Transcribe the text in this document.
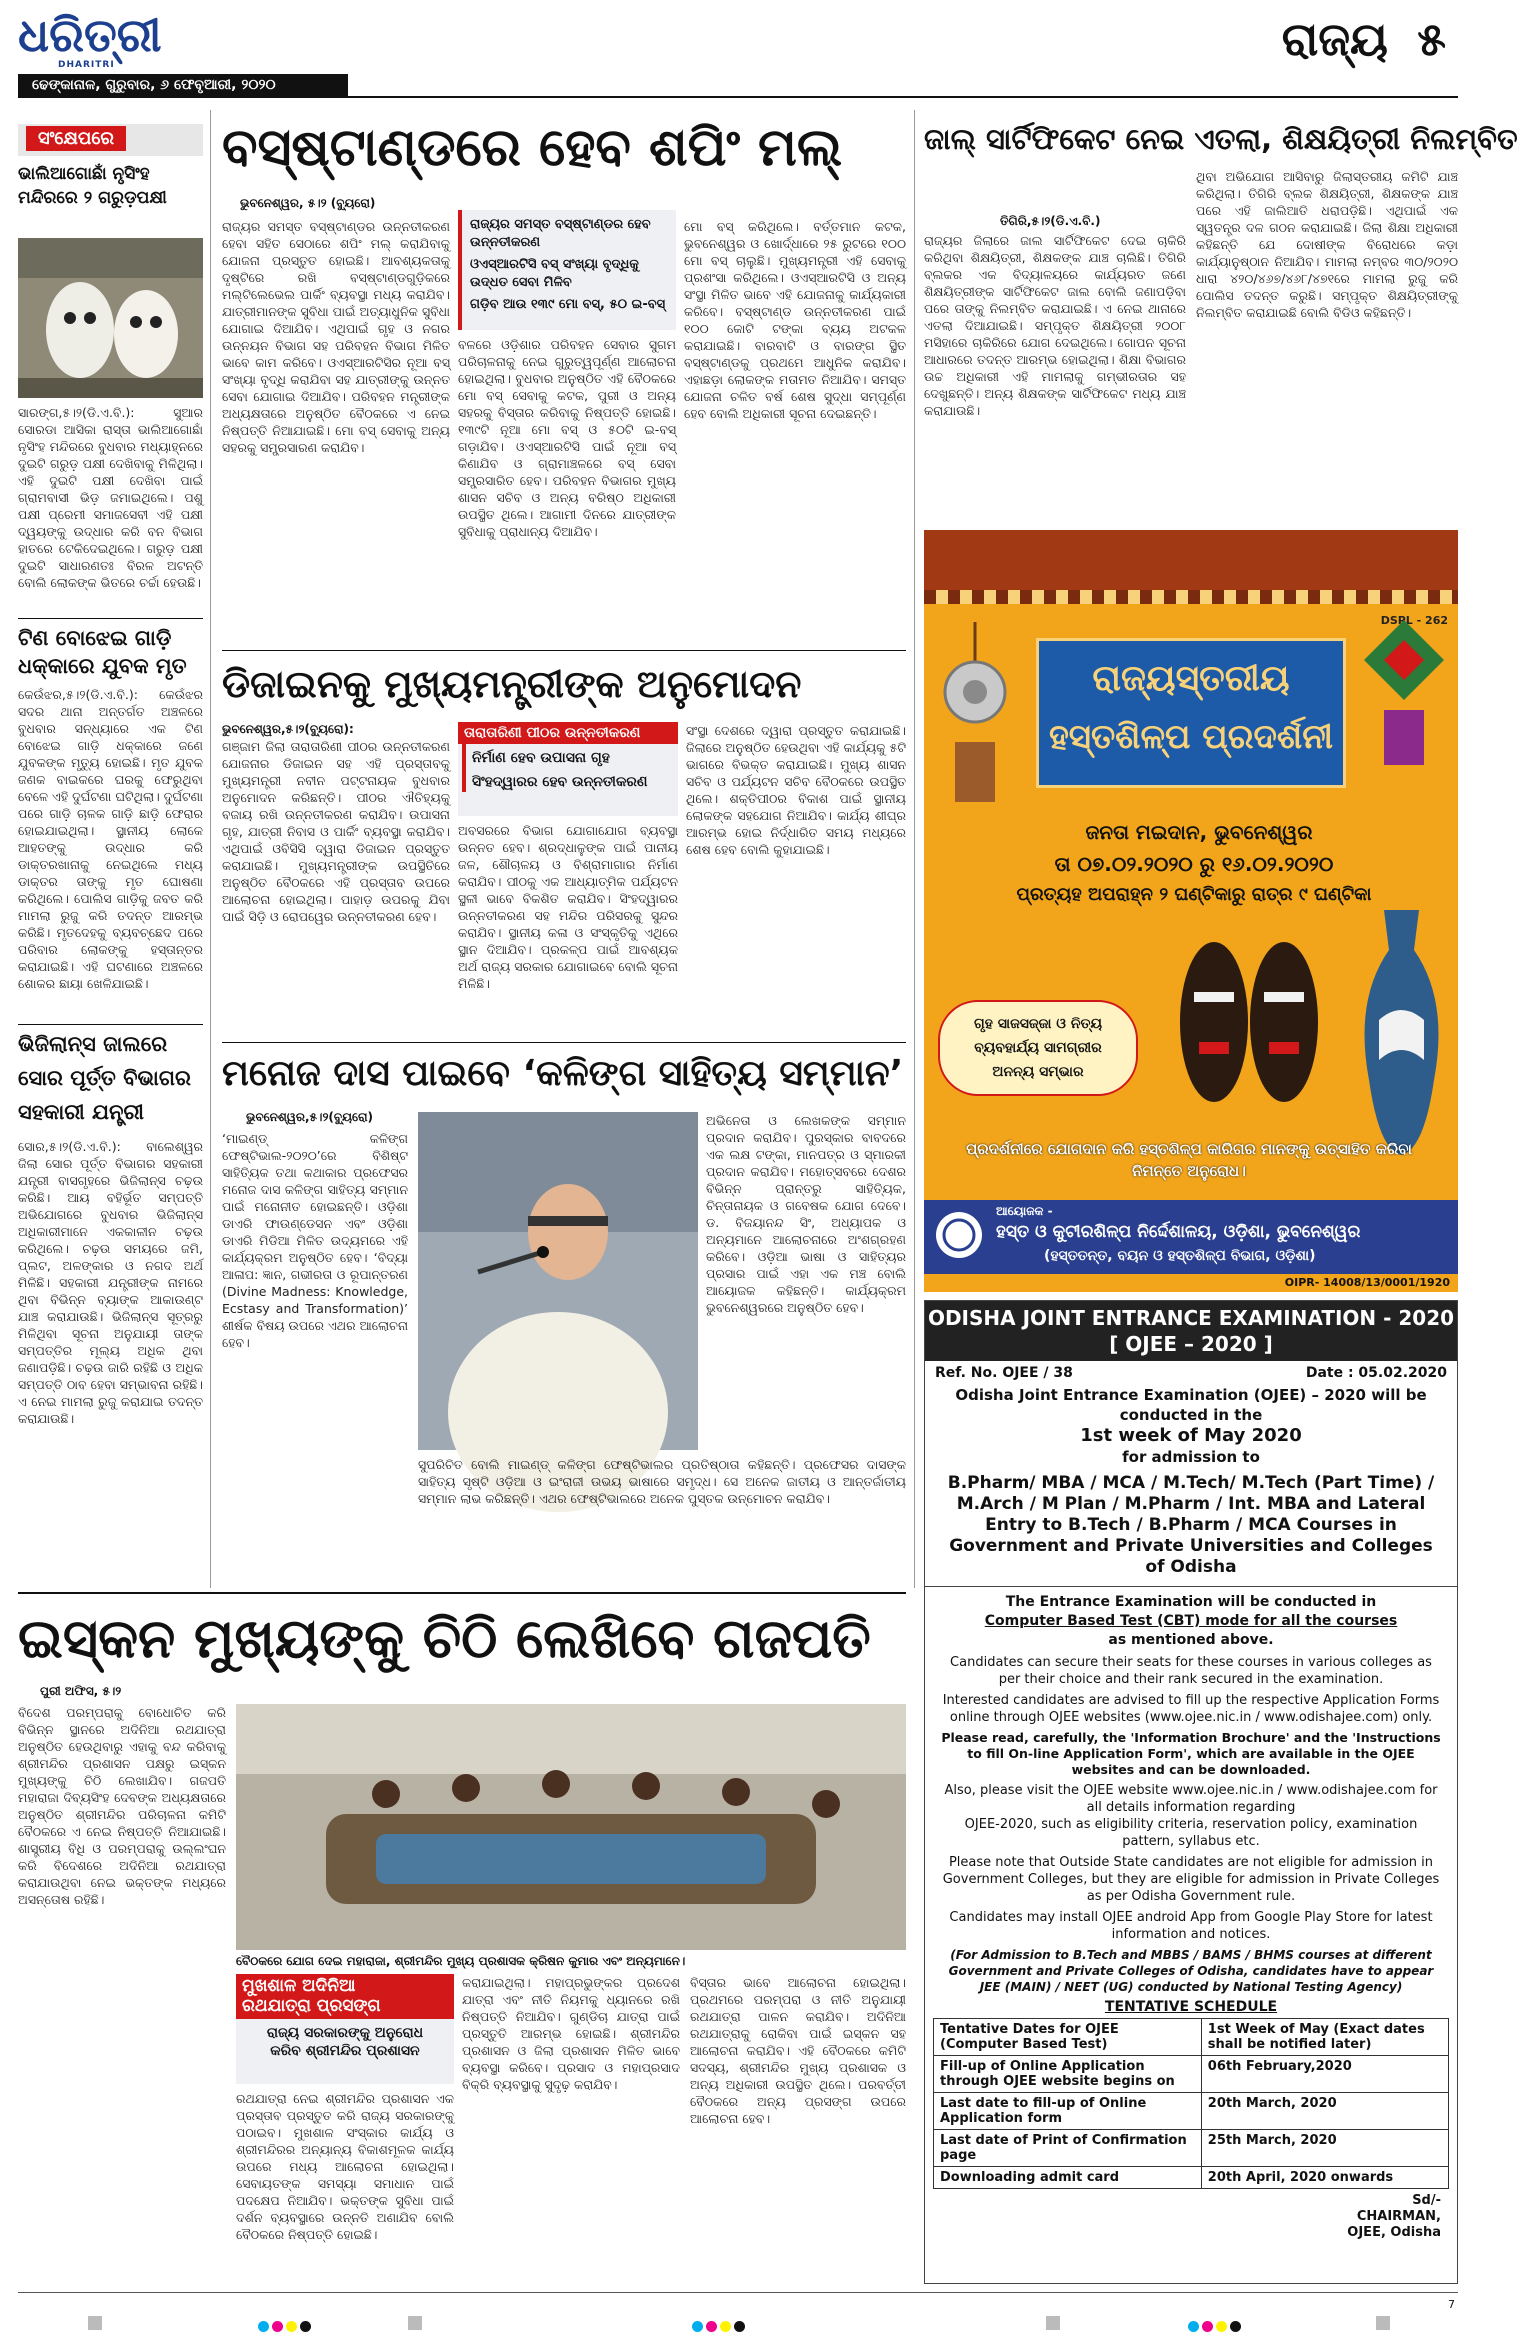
ଧରିତ୍ରୀ
DHARITRI
ଢେଙ୍କାନାଳ, ଗୁରୁବାର, ୬ ଫେବୃଆରୀ, ୨୦୨୦
ରାଜ୍ୟ ୫
ସଂକ୍ଷେପରେ
ଭାଲିଆଗୋଛାଁ ନୃସିଂହ ମନ୍ଦିରରେ ୨ ଗରୁଡ଼ପକ୍ଷୀ
ସାରଙ୍ଗ,୫।୨(ଡି.ଏ.ବି.): ସୁଆର ସୋରଡା ଆସିକା ରାସ୍ତା ଭାଲିଆଗୋଛାଁ ନୃସିଂହ ମନ୍ଦିରରେ ବୁଧବାର ମଧ୍ୟାହ୍ନରେ ଦୁଇଟି ଗରୁଡ଼ ପକ୍ଷୀ ଦେଖିବାକୁ ମିଳିଥିଲା। ଏହି ଦୁଇଟି ପକ୍ଷୀ ଦେଖିବା ପାଇଁ ଗ୍ରାମବାସୀ ଭିଡ଼ ଜମାଇଥିଲେ। ପଶୁ ପକ୍ଷୀ ପ୍ରେମୀ ସମାଜସେବୀ ଏହି ପକ୍ଷୀ ଦ୍ୱୟଙ୍କୁ ଉଦ୍ଧାର କରି ବନ ବିଭାଗ ହାତରେ ଟେକିଦେଇଥିଲେ। ଗରୁଡ଼ ପକ୍ଷୀ ଦୁଇଟି ସାଧାରଣତଃ ବିରଳ ଅଟନ୍ତି ବୋଲି ଲୋକଙ୍କ ଭିତରେ ଚର୍ଚ୍ଚା ହେଉଛି।
ଟିଣ ବୋଝେଇ ଗାଡ଼ି ଧକ୍କାରେ ଯୁବକ ମୃତ
କେଉଁଝର,୫।୨(ଡି.ଏ.ବି.): କେଉଁଝର ସଦର ଥାନା ଅନ୍ତର୍ଗତ ଅଞ୍ଚଳରେ ବୁଧବାର ସନ୍ଧ୍ୟାରେ ଏକ ଟିଣ ବୋଝେଇ ଗାଡ଼ି ଧକ୍କାରେ ଜଣେ ଯୁବକଙ୍କ ମୃତ୍ୟୁ ହୋଇଛି। ମୃତ ଯୁବକ ଜଣକ ବାଇକରେ ଘରକୁ ଫେରୁଥିବା ବେଳେ ଏହି ଦୁର୍ଘଟଣା ଘଟିଥିଲା। ଦୁର୍ଘଟଣା ପରେ ଗାଡ଼ି ଚାଳକ ଗାଡ଼ି ଛାଡ଼ି ଫେରାର ହୋଇଯାଇଥିଲା। ସ୍ଥାନୀୟ ଲୋକେ ଆହତଙ୍କୁ ଉଦ୍ଧାର କରି ଡାକ୍ତରଖାନାକୁ ନେଇଥିଲେ ମଧ୍ୟ ଡାକ୍ତର ତାଙ୍କୁ ମୃତ ଘୋଷଣା କରିଥିଲେ। ପୋଲିସ ଗାଡ଼ିକୁ ଜବତ କରି ମାମଲା ରୁଜୁ କରି ତଦନ୍ତ ଆରମ୍ଭ କରିଛି। ମୃତଦେହକୁ ବ୍ୟବଚ୍ଛେଦ ପରେ ପରିବାର ଲୋକଙ୍କୁ ହସ୍ତାନ୍ତର କରାଯାଇଛି। ଏହି ଘଟଣାରେ ଅଞ୍ଚଳରେ ଶୋକର ଛାୟା ଖେଳିଯାଇଛି।
ଭିଜିଲାନ୍ସ ଜାଲରେ
ସୋର ପୂର୍ତ୍ତ ବିଭାଗର
ସହକାରୀ ଯନ୍ତ୍ରୀ
ସୋର,୫।୨(ଡି.ଏ.ବି.): ବାଲେଶ୍ୱର ଜିଲା ସୋର ପୂର୍ତ୍ତ ବିଭାଗର ସହକାରୀ ଯନ୍ତ୍ରୀ ବାସଗୃହରେ ଭିଜିଲାନ୍ସ ଚଢ଼ଉ କରିଛି। ଆୟ ବହିର୍ଭୂତ ସମ୍ପତ୍ତି ଅଭିଯୋଗରେ ବୁଧବାର ଭିଜିଲାନ୍ସ ଅଧିକାରୀମାନେ ଏକକାଳୀନ ଚଢ଼ଉ କରିଥିଲେ। ଚଢ଼ଉ ସମୟରେ ଜମି, ପ୍ଲଟ, ଅଳଙ୍କାର ଓ ନଗଦ ଅର୍ଥ ମିଳିଛି। ସହକାରୀ ଯନ୍ତ୍ରୀଙ୍କ ନାମରେ ଥିବା ବିଭିନ୍ନ ବ୍ୟାଙ୍କ ଆକାଉଣ୍ଟ ଯାଞ୍ଚ କରାଯାଉଛି। ଭିଜିଲାନ୍ସ ସୂତ୍ରରୁ ମିଳିଥିବା ସୂଚନା ଅନୁଯାୟୀ ତାଙ୍କ ସମ୍ପତ୍ତିର ମୂଲ୍ୟ ଅଧିକ ଥିବା ଜଣାପଡ଼ିଛି। ଚଢ଼ଉ ଜାରି ରହିଛି ଓ ଅଧିକ ସମ୍ପତ୍ତି ଠାବ ହେବା ସମ୍ଭାବନା ରହିଛି। ଏ ନେଇ ମାମଲା ରୁଜୁ କରାଯାଇ ତଦନ୍ତ କରାଯାଉଛି।
ବସ୍‌ଷ୍ଟାଣ୍ଡରେ ହେବ ଶପିଂ ମଲ୍
ଭୁବନେଶ୍ୱର, ୫।୨ (ବ୍ୟୁରୋ)
ରାଜ୍ୟର ସମସ୍ତ ବସ୍‌ଷ୍ଟାଣ୍ଡର ହେବ ଉନ୍ନତୀକରଣ
ଓଏସ୍‌ଆରଟିସି ବସ୍ ସଂଖ୍ୟା ବୃଦ୍ଧିକୁ ଉଦ୍ଧତ ସେବା ମିଳିବ
ଗଡ଼ିବ ଆଉ ୧୩୯ ମୋ ବସ୍, ୫୦ ଇ-ବସ୍
ରାଜ୍ୟର ସମସ୍ତ ବସ୍‌ଷ୍ଟାଣ୍ଡର ଉନ୍ନତୀକରଣ ହେବା ସହିତ ସେଠାରେ ଶପିଂ ମଲ୍ କରାଯିବାକୁ ଯୋଜନା ପ୍ରସ୍ତୁତ ହୋଇଛି। ଆବଶ୍ୟକତାକୁ ଦୃଷ୍ଟିରେ ରଖି ବସ୍‌ଷ୍ଟାଣ୍ଡଗୁଡ଼ିକରେ ମଲ୍ଟିଲେଭେଲ ପାର୍କିଂ ବ୍ୟବସ୍ଥା ମଧ୍ୟ କରାଯିବ। ଯାତ୍ରୀମାନଙ୍କ ସୁବିଧା ପାଇଁ ଅତ୍ୟାଧୁନିକ ସୁବିଧା ଯୋଗାଇ ଦିଆଯିବ। ଏଥିପାଇଁ ଗୃହ ଓ ନଗର ଉନ୍ନୟନ ବିଭାଗ ସହ ପରିବହନ ବିଭାଗ ମିଳିତ ଭାବେ କାମ କରିବେ। ଓଏସ୍‌ଆରଟିସିର ନୂଆ ବସ୍ ସଂଖ୍ୟା ବୃଦ୍ଧି କରାଯିବା ସହ ଯାତ୍ରୀଙ୍କୁ ଉନ୍ନତ ସେବା ଯୋଗାଇ ଦିଆଯିବ। ପରିବହନ ମନ୍ତ୍ରୀଙ୍କ ଅଧ୍ୟକ୍ଷତାରେ ଅନୁଷ୍ଠିତ ବୈଠକରେ ଏ ନେଇ ନିଷ୍ପତ୍ତି ନିଆଯାଇଛି। ମୋ ବସ୍ ସେବାକୁ ଅନ୍ୟ ସହରକୁ ସମ୍ପ୍ରସାରଣ କରାଯିବ।
ବଳରେ ଓଡ଼ିଶାର ପରିବହନ ସେବାର ସୁଗମ ପରିଚାଳନାକୁ ନେଇ ଗୁରୁତ୍ୱପୂର୍ଣ୍ଣ ଆଲୋଚନା ହୋଇଥିଲା। ବୁଧବାର ଅନୁଷ୍ଠିତ ଏହି ବୈଠକରେ ମୋ ବସ୍ ସେବାକୁ କଟକ, ପୁରୀ ଓ ଅନ୍ୟ ସହରକୁ ବିସ୍ତାର କରିବାକୁ ନିଷ୍ପତ୍ତି ହୋଇଛି। ୧୩୯ଟି ନୂଆ ମୋ ବସ୍ ଓ ୫୦ଟି ଇ-ବସ୍ ଗଡ଼ାଯିବ। ଓଏସ୍‌ଆରଟିସି ପାଇଁ ନୂଆ ବସ୍ କିଣାଯିବ ଓ ଗ୍ରାମାଞ୍ଚଳରେ ବସ୍ ସେବା ସମ୍ପ୍ରସାରିତ ହେବ। ପରିବହନ ବିଭାଗର ମୁଖ୍ୟ ଶାସନ ସଚିବ ଓ ଅନ୍ୟ ବରିଷ୍ଠ ଅଧିକାରୀ ଉପସ୍ଥିତ ଥିଲେ। ଆଗାମୀ ଦିନରେ ଯାତ୍ରୀଙ୍କ ସୁବିଧାକୁ ପ୍ରାଧାନ୍ୟ ଦିଆଯିବ।
ମୋ ବସ୍ କରିଥିଲେ। ବର୍ତ୍ତମାନ କଟକ, ଭୁବନେଶ୍ୱର ଓ ଖୋର୍ଦ୍ଧାରେ ୨୫ ରୁଟରେ ୧୦୦ ମୋ ବସ୍ ଚାଲୁଛି। ମୁଖ୍ୟମନ୍ତ୍ରୀ ଏହି ସେବାକୁ ପ୍ରଶଂସା କରିଥିଲେ। ଓଏସ୍‌ଆରଟିସି ଓ ଅନ୍ୟ ସଂସ୍ଥା ମିଳିତ ଭାବେ ଏହି ଯୋଜନାକୁ କାର୍ଯ୍ୟକାରୀ କରିବେ। ବସ୍‌ଷ୍ଟାଣ୍ଡ ଉନ୍ନତୀକରଣ ପାଇଁ ୧୦୦ କୋଟି ଟଙ୍କା ବ୍ୟୟ ଅଟକଳ କରାଯାଇଛି। ବାରବାଟି ଓ ବାରଙ୍ଗ ସ୍ଥିତ ବସ୍‌ଷ୍ଟାଣ୍ଡକୁ ପ୍ରଥମେ ଆଧୁନିକ କରାଯିବ। ଏହାଛଡ଼ା ଲୋକଙ୍କ ମତାମତ ନିଆଯିବ। ସମସ୍ତ ଯୋଜନା ଚଳିତ ବର୍ଷ ଶେଷ ସୁଦ୍ଧା ସମ୍ପୂର୍ଣ୍ଣ ହେବ ବୋଲି ଅଧିକାରୀ ସୂଚନା ଦେଇଛନ୍ତି।
ଜାଲ୍ ସାର୍ଟିଫିକେଟ ନେଇ ଏତଲା, ଶିକ୍ଷୟିତ୍ରୀ ନିଲମ୍ବିତ
ତିଗିରି,୫।୨(ଡି.ଏ.ବି.)
ରାଜ୍ୟର ଜିଲାରେ ଜାଲ ସାର୍ଟିଫିକେଟ ଦେଇ ଚାକିରି କରିଥିବା ଶିକ୍ଷୟିତ୍ରୀ, ଶିକ୍ଷକଙ୍କ ଯାଞ୍ଚ ଚାଲିଛି। ତିଗିରି ବ୍ଲକର ଏକ ବିଦ୍ୟାଳୟରେ କାର୍ଯ୍ୟରତ ଜଣେ ଶିକ୍ଷୟିତ୍ରୀଙ୍କ ସାର୍ଟିଫିକେଟ ଜାଲ ବୋଲି ଜଣାପଡ଼ିବା ପରେ ତାଙ୍କୁ ନିଲମ୍ବିତ କରାଯାଇଛି। ଏ ନେଇ ଥାନାରେ ଏତଲା ଦିଆଯାଇଛି। ସମ୍ପୃକ୍ତ ଶିକ୍ଷୟିତ୍ରୀ ୨୦୦୮ ମସିହାରେ ଚାକିରିରେ ଯୋଗ ଦେଇଥିଲେ। ଗୋପନ ସୂଚନା ଆଧାରରେ ତଦନ୍ତ ଆରମ୍ଭ ହୋଇଥିଲା। ଶିକ୍ଷା ବିଭାଗର ଉଚ୍ଚ ଅଧିକାରୀ ଏହି ମାମଲାକୁ ଗମ୍ଭୀରତାର ସହ ଦେଖୁଛନ୍ତି। ଅନ୍ୟ ଶିକ୍ଷକଙ୍କ ସାର୍ଟିଫିକେଟ ମଧ୍ୟ ଯାଞ୍ଚ କରାଯାଉଛି।
ଥିବା ଅଭିଯୋଗ ଆସିବାରୁ ଜିଲାସ୍ତରୀୟ କମିଟି ଯାଞ୍ଚ କରିଥିଲା। ତିଗିରି ବ୍ଲକ ଶିକ୍ଷୟିତ୍ରୀ, ଶିକ୍ଷକଙ୍କ ଯାଞ୍ଚ ପରେ ଏହି ଜାଲିଆତି ଧରାପଡ଼ିଛି। ଏଥିପାଇଁ ଏକ ସ୍ୱତନ୍ତ୍ର ଦଳ ଗଠନ କରାଯାଇଛି। ଜିଲା ଶିକ୍ଷା ଅଧିକାରୀ କହିଛନ୍ତି ଯେ ଦୋଷୀଙ୍କ ବିରୋଧରେ କଡ଼ା କାର୍ଯ୍ୟାନୁଷ୍ଠାନ ନିଆଯିବ। ମାମଲା ନମ୍ବର ୩୦/୨୦୨୦ ଧାରା ୪୨୦/୪୬୭/୪୬୮/୪୭୧ରେ ମାମଲା ରୁଜୁ କରି ପୋଲିସ ତଦନ୍ତ କରୁଛି। ସମ୍ପୃକ୍ତ ଶିକ୍ଷୟିତ୍ରୀଙ୍କୁ ନିଲମ୍ବିତ କରାଯାଇଛି ବୋଲି ବିଡିଓ କହିଛନ୍ତି।
DSPL - 262
ରାଜ୍ୟସ୍ତରୀୟ
ହସ୍ତଶିଳ୍ପ ପ୍ରଦର୍ଶନୀ
ଜନତା ମଇଦାନ, ଭୁବନେଶ୍ୱର
ତା ୦୭.୦୨.୨୦୨୦ ରୁ ୧୬.୦୨.୨୦୨୦
ପ୍ରତ୍ୟହ ଅପରାହ୍ନ ୨ ଘଣ୍ଟିକାରୁ ରାତ୍ର ୯ ଘଣ୍ଟିକା
ଗୃହ ସାଜସଜ୍ଜା ଓ ନିତ୍ୟ ବ୍ୟବହାର୍ଯ୍ୟ ସାମଗ୍ରୀର ଅନନ୍ୟ ସମ୍ଭାର
ପ୍ରଦର୍ଶନୀରେ ଯୋଗଦାନ କରି ହସ୍ତଶିଳ୍ପ କାରିଗର ମାନଙ୍କୁ ଉତ୍ସାହିତ କରିବା ନିମନ୍ତେ ଅନୁରୋଧ।
ଆୟୋଜକ -
ହସ୍ତ ଓ କୁଟୀରଶିଳ୍ପ ନିର୍ଦ୍ଦେଶାଳୟ, ଓଡ଼ିଶା, ଭୁବନେଶ୍ୱର
(ହସ୍ତତନ୍ତ, ବୟନ ଓ ହସ୍ତଶିଳ୍ପ ବିଭାଗ, ଓଡ଼ିଶା)
OIPR- 14008/13/0001/1920
ଡିଜାଇନକୁ ମୁଖ୍ୟମନ୍ତ୍ରୀଙ୍କ ଅନୁମୋଦନ
ଭୁବନେଶ୍ୱର,୫।୨(ବ୍ୟୁରୋ):
ଗଞ୍ଜାମ ଜିଲା ତାରାତାରିଣୀ ପୀଠର ଉନ୍ନତୀକରଣ ଯୋଜନାର ଡିଜାଇନ ସହ ଏହି ପ୍ରସ୍ତାବକୁ ମୁଖ୍ୟମନ୍ତ୍ରୀ ନବୀନ ପଟ୍ଟନାୟକ ବୁଧବାର ଅନୁମୋଦନ କରିଛନ୍ତି। ପୀଠର ଐତିହ୍ୟକୁ ବଜାୟ ରଖି ଉନ୍ନତୀକରଣ କରାଯିବ। ଉପାସନା ଗୃହ, ଯାତ୍ରୀ ନିବାସ ଓ ପାର୍କିଂ ବ୍ୟବସ୍ଥା କରାଯିବ। ଏଥିପାଇଁ ଓବିସିସି ଦ୍ୱାରା ଡିଜାଇନ ପ୍ରସ୍ତୁତ କରାଯାଇଛି। ମୁଖ୍ୟମନ୍ତ୍ରୀଙ୍କ ଉପସ୍ଥିତିରେ ଅନୁଷ୍ଠିତ ବୈଠକରେ ଏହି ପ୍ରସ୍ତାବ ଉପରେ ଆଲୋଚନା ହୋଇଥିଲା। ପାହାଡ଼ ଉପରକୁ ଯିବା ପାଇଁ ସିଡ଼ି ଓ ରୋପୱେର ଉନ୍ନତୀକରଣ ହେବ।
ତାରାତାରିଣୀ ପୀଠର ଉନ୍ନତୀକରଣ
ନିର୍ମାଣ ହେବ ଉପାସନା ଗୃହ
ସିଂହଦ୍ୱାରର ହେବ ଉନ୍ନତୀକରଣ
ଅବସରରେ ବିଭାଗ ଯୋଗାଯୋଗ ବ୍ୟବସ୍ଥା ଉନ୍ନତ ହେବ। ଶ୍ରଦ୍ଧାଳୁଙ୍କ ପାଇଁ ପାନୀୟ ଜଳ, ଶୌଚାଳୟ ଓ ବିଶ୍ରାମାଗାର ନିର୍ମାଣ କରାଯିବ। ପୀଠକୁ ଏକ ଆଧ୍ୟାତ୍ମିକ ପର୍ଯ୍ୟଟନ ସ୍ଥଳୀ ଭାବେ ବିକଶିତ କରାଯିବ। ସିଂହଦ୍ୱାରର ଉନ୍ନତୀକରଣ ସହ ମନ୍ଦିର ପରିସରକୁ ସୁନ୍ଦର କରାଯିବ। ସ୍ଥାନୀୟ କଳା ଓ ସଂସ୍କୃତିକୁ ଏଥିରେ ସ୍ଥାନ ଦିଆଯିବ। ପ୍ରକଳ୍ପ ପାଇଁ ଆବଶ୍ୟକ ଅର୍ଥ ରାଜ୍ୟ ସରକାର ଯୋଗାଇବେ ବୋଲି ସୂଚନା ମିଳିଛି।
ସଂସ୍ଥା ଦେଶରେ ଦ୍ୱାରା ପ୍ରସ୍ତୁତ କରାଯାଇଛି। ଜିଲାରେ ଅନୁଷ୍ଠିତ ହେଉଥିବା ଏହି କାର୍ଯ୍ୟକୁ ୫ଟି ଭାଗରେ ବିଭକ୍ତ କରାଯାଇଛି। ମୁଖ୍ୟ ଶାସନ ସଚିବ ଓ ପର୍ଯ୍ୟଟନ ସଚିବ ବୈଠକରେ ଉପସ୍ଥିତ ଥିଲେ। ଶକ୍ତିପୀଠର ବିକାଶ ପାଇଁ ସ୍ଥାନୀୟ ଲୋକଙ୍କ ସହଯୋଗ ନିଆଯିବ। କାର୍ଯ୍ୟ ଶୀଘ୍ର ଆରମ୍ଭ ହୋଇ ନିର୍ଦ୍ଧାରିତ ସମୟ ମଧ୍ୟରେ ଶେଷ ହେବ ବୋଲି କୁହାଯାଇଛି।
ମନୋଜ ଦାସ ପାଇବେ ‘କଳିଙ୍ଗ ସାହିତ୍ୟ ସମ୍ମାନ’
ଭୁବନେଶ୍ୱର,୫।୨(ବ୍ୟୁରୋ)
‘ମାଇଣ୍ଡ୍ କଳିଙ୍ଗ ଫେଷ୍ଟିଭାଲ-୨୦୨୦’ରେ ବିଶିଷ୍ଟ ସାହିତ୍ୟିକ ତଥା କଥାକାର ପ୍ରଫେସର ମନୋଜ ଦାସ କଳିଙ୍ଗ ସାହିତ୍ୟ ସମ୍ମାନ ପାଇଁ ମନୋନୀତ ହୋଇଛନ୍ତି। ଓଡ଼ିଶା ଡାଏରି ଫାଉଣ୍ଡେସନ ଏବଂ ଓଡ଼ିଶା ଡାଏରି ମିଡିଆ ମିଳିତ ଉଦ୍ୟମରେ ଏହି କାର୍ଯ୍ୟକ୍ରମ ଅନୁଷ୍ଠିତ ହେବ। ‘ବିଦ୍ୟା ଆଳାପ: ଜ୍ଞାନ, ଗଭୀରତା ଓ ରୂପାନ୍ତରଣ (Divine Madness: Knowledge, Ecstasy and Transformation)’ ଶୀର୍ଷକ ବିଷୟ ଉପରେ ଏଥର ଆଲୋଚନା ହେବ।
ଅଭିନେତା ଓ ଲେଖକଙ୍କ ସମ୍ମାନ ପ୍ରଦାନ କରାଯିବ। ପୁରସ୍କାର ବାବଦରେ ଏକ ଲକ୍ଷ ଟଙ୍କା, ମାନପତ୍ର ଓ ସ୍ମାରକୀ ପ୍ରଦାନ କରାଯିବ। ମହୋତ୍ସବରେ ଦେଶର ବିଭିନ୍ନ ପ୍ରାନ୍ତରୁ ସାହିତ୍ୟିକ, ଚିନ୍ତାନାୟକ ଓ ଗବେଷକ ଯୋଗ ଦେବେ। ଡ. ବିଜୟାନନ୍ଦ ସିଂ, ଅଧ୍ୟାପକ ଓ ଅନ୍ୟମାନେ ଆଲୋଚନାରେ ଅଂଶଗ୍ରହଣ କରିବେ। ଓଡ଼ିଆ ଭାଷା ଓ ସାହିତ୍ୟର ପ୍ରସାର ପାଇଁ ଏହା ଏକ ମଞ୍ଚ ବୋଲି ଆୟୋଜକ କହିଛନ୍ତି। କାର୍ଯ୍ୟକ୍ରମ ଭୁବନେଶ୍ୱରରେ ଅନୁଷ୍ଠିତ ହେବ।
ସୁପରିଚିତ ବୋଲି ମାଇଣ୍ଡ୍ କଳିଙ୍ଗ ଫେଷ୍ଟିଭାଲର ପ୍ରତିଷ୍ଠାତା କହିଛନ୍ତି। ପ୍ରଫେସର ଦାସଙ୍କ ସାହିତ୍ୟ ସୃଷ୍ଟି ଓଡ଼ିଆ ଓ ଇଂରାଜୀ ଉଭୟ ଭାଷାରେ ସମୃଦ୍ଧ। ସେ ଅନେକ ଜାତୀୟ ଓ ଆନ୍ତର୍ଜାତୀୟ ସମ୍ମାନ ଲାଭ କରିଛନ୍ତି। ଏଥର ଫେଷ୍ଟିଭାଲରେ ଅନେକ ପୁସ୍ତକ ଉନ୍ମୋଚନ କରାଯିବ।
ODISHA JOINT ENTRANCE EXAMINATION - 2020
[ OJEE – 2020 ]
Ref. No. OJEE / 38	Date : 05.02.2020
Odisha Joint Entrance Examination (OJEE) – 2020 will be conducted in the
1st week of May 2020
for admission to
B.Pharm/ MBA / MCA / M.Tech/ M.Tech (Part Time) / M.Arch / M Plan / M.Pharm / Int. MBA and Lateral Entry to B.Tech / B.Pharm / MCA Courses in Government and Private Universities and Colleges of Odisha
The Entrance Examination will be conducted in
Computer Based Test (CBT) mode for all the courses
as mentioned above.
Candidates can secure their seats for these courses in various colleges as per their choice and their rank secured in the examination.
Interested candidates are advised to fill up the respective Application Forms online through OJEE websites (www.ojee.nic.in / www.odishajee.com) only.
Please read, carefully, the 'Information Brochure' and the 'Instructions to fill On-line Application Form', which are available in the OJEE websites and can be downloaded.
Also, please visit the OJEE website www.ojee.nic.in / www.odishajee.com for all details information regarding
OJEE-2020, such as eligibility criteria, reservation policy, examination pattern, syllabus etc.
Please note that Outside State candidates are not eligible for admission in Government Colleges, but they are eligible for admission in Private Colleges as per Odisha Government rule.
Candidates may install OJEE android App from Google Play Store for latest information and notices.
(For Admission to B.Tech and MBBS / BAMS / BHMS courses at different Government and Private Colleges of Odisha, candidates have to appear JEE (MAIN) / NEET (UG) conducted by National Testing Agency)
TENTATIVE SCHEDULE
Tentative Dates for OJEE (Computer Based Test)	1st Week of May (Exact dates shall be notified later)
Fill-up of Online Application through OJEE website begins on	06th February,2020
Last date to fill-up of Online Application form	20th March, 2020
Last date of Print of Confirmation page	25th March, 2020
Downloading admit card	20th April, 2020 onwards
Sd/-
CHAIRMAN,
OJEE, Odisha
ଇସ୍କନ ମୁଖ୍ୟଙ୍କୁ ଚିଠି ଲେଖିବେ ଗଜପତି
ପୁରୀ ଅଫିସ, ୫।୨
ବିଦେଶ ପରମ୍ପରାକୁ ବୋଧୋଚିତ କରି ବିଭିନ୍ନ ସ୍ଥାନରେ ଅଦିନିଆ ରଥଯାତ୍ରା ଅନୁଷ୍ଠିତ ହେଉଥିବାରୁ ଏହାକୁ ବନ୍ଦ କରିବାକୁ ଶ୍ରୀମନ୍ଦିର ପ୍ରଶାସନ ପକ୍ଷରୁ ଇସ୍କନ ମୁଖ୍ୟଙ୍କୁ ଚିଠି ଲେଖାଯିବ। ଗଜପତି ମହାରାଜା ଦିବ୍ୟସିଂହ ଦେବଙ୍କ ଅଧ୍ୟକ୍ଷତାରେ ଅନୁଷ୍ଠିତ ଶ୍ରୀମନ୍ଦିର ପରିଚାଳନା କମିଟି ବୈଠକରେ ଏ ନେଇ ନିଷ୍ପତ୍ତି ନିଆଯାଇଛି। ଶାସ୍ତ୍ରୀୟ ବିଧି ଓ ପରମ୍ପରାକୁ ଉଲ୍ଲଂଘନ କରି ବିଦେଶରେ ଅଦିନିଆ ରଥଯାତ୍ରା କରାଯାଉଥିବା ନେଇ ଭକ୍ତଙ୍କ ମଧ୍ୟରେ ଅସନ୍ତୋଷ ରହିଛି।
ବୈଠକରେ ଯୋଗ ଦେଇ ମହାରାଜା, ଶ୍ରୀମନ୍ଦିର ମୁଖ୍ୟ ପ୍ରଶାସକ କ୍ରିଷନ କୁମାର ଏବଂ ଅନ୍ୟମାନେ।
ମୁଖଶାଳ ଅଦିନିଆ
ରଥଯାତ୍ରା ପ୍ରସଙ୍ଗ
ରାଜ୍ୟ ସରକାରଙ୍କୁ ଅନୁରୋଧ
କରିବ ଶ୍ରୀମନ୍ଦିର ପ୍ରଶାସନ
ରଥଯାତ୍ରା ନେଇ ଶ୍ରୀମନ୍ଦିର ପ୍ରଶାସନ ଏକ ପ୍ରସ୍ତାବ ପ୍ରସ୍ତୁତ କରି ରାଜ୍ୟ ସରକାରଙ୍କୁ ପଠାଇବ। ମୁଖଶାଳ ସଂସ୍କାର କାର୍ଯ୍ୟ ଓ ଶ୍ରୀମନ୍ଦିରର ଅନ୍ୟାନ୍ୟ ବିକାଶମୂଳକ କାର୍ଯ୍ୟ ଉପରେ ମଧ୍ୟ ଆଲୋଚନା ହୋଇଥିଲା। ସେବାୟତଙ୍କ ସମସ୍ୟା ସମାଧାନ ପାଇଁ ପଦକ୍ଷେପ ନିଆଯିବ। ଭକ୍ତଙ୍କ ସୁବିଧା ପାଇଁ ଦର୍ଶନ ବ୍ୟବସ୍ଥାରେ ଉନ୍ନତି ଅଣାଯିବ ବୋଲି ବୈଠକରେ ନିଷ୍ପତ୍ତି ହୋଇଛି।
କରାଯାଇଥିଲା। ମହାପ୍ରଭୁଙ୍କର ପ୍ରଦେଶ ଯାତ୍ରା ଏବଂ ନୀତି ନିୟମକୁ ଧ୍ୟାନରେ ରଖି ନିଷ୍ପତ୍ତି ନିଆଯିବ। ଗୁଣ୍ଡିଚା ଯାତ୍ରା ପାଇଁ ପ୍ରସ୍ତୁତି ଆରମ୍ଭ ହୋଇଛି। ଶ୍ରୀମନ୍ଦିର ପ୍ରଶାସନ ଓ ଜିଲା ପ୍ରଶାସନ ମିଳିତ ଭାବେ ବ୍ୟବସ୍ଥା କରିବେ। ପ୍ରସାଦ ଓ ମହାପ୍ରସାଦ ବିକ୍ରି ବ୍ୟବସ୍ଥାକୁ ସୁଦୃଢ଼ କରାଯିବ।
ବିସ୍ତାର ଭାବେ ଆଲୋଚନା ହୋଇଥିଲା। ପ୍ରଥମରେ ପରମ୍ପରା ଓ ନୀତି ଅନୁଯାୟୀ ରଥଯାତ୍ରା ପାଳନ କରାଯିବ। ଅଦିନିଆ ରଥଯାତ୍ରାକୁ ରୋକିବା ପାଇଁ ଇସ୍କନ ସହ ଆଲୋଚନା କରାଯିବ। ଏହି ବୈଠକରେ କମିଟି ସଦସ୍ୟ, ଶ୍ରୀମନ୍ଦିର ମୁଖ୍ୟ ପ୍ରଶାସକ ଓ ଅନ୍ୟ ଅଧିକାରୀ ଉପସ୍ଥିତ ଥିଲେ। ପରବର୍ତ୍ତୀ ବୈଠକରେ ଅନ୍ୟ ପ୍ରସଙ୍ଗ ଉପରେ ଆଲୋଚନା ହେବ।
7
